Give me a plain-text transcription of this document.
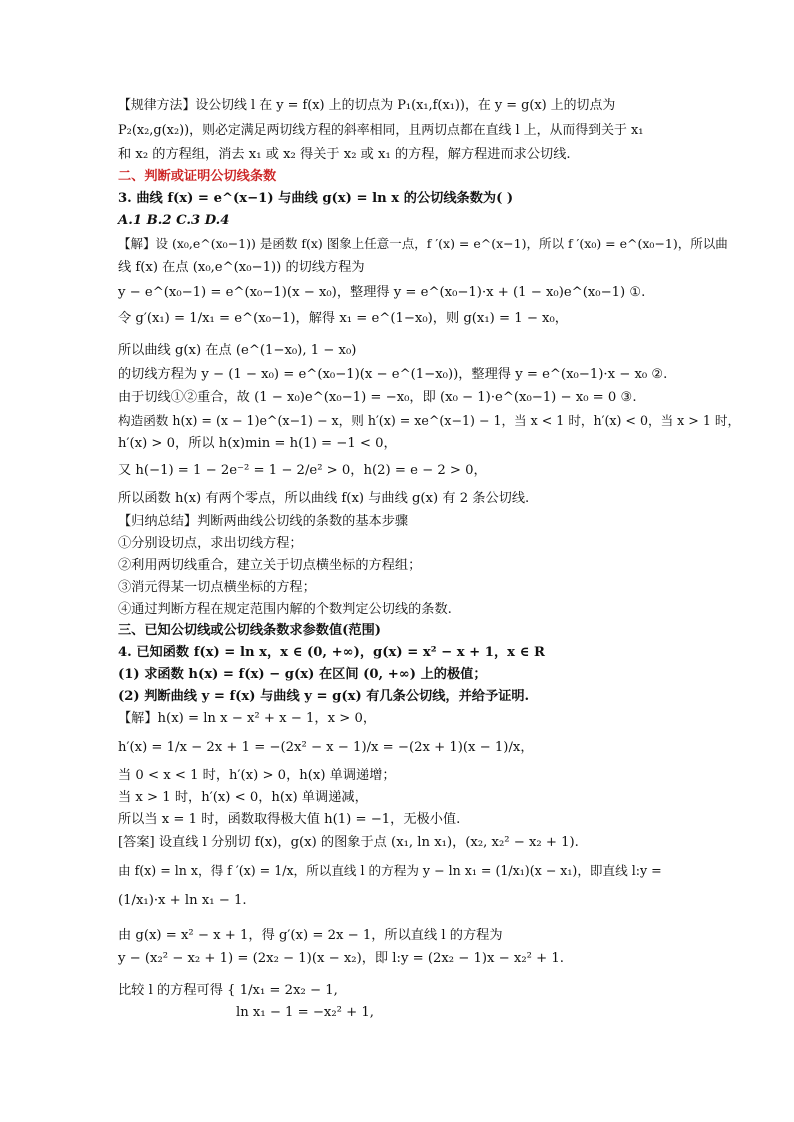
【规律方法】设公切线 l 在 y = f(x) 上的切点为 P₁(x₁,f(x₁))，在 y = g(x) 上的切点为
P₂(x₂,g(x₂))，则必定满足两切线方程的斜率相同，且两切点都在直线 l 上，从而得到关于 x₁
和 x₂ 的方程组，消去 x₁ 或 x₂ 得关于 x₂ 或 x₁ 的方程，解方程进而求公切线.
二、判断或证明公切线条数
3. 曲线 f(x) = e^(x−1) 与曲线 g(x) = ln x 的公切线条数为( )
A.1 B.2 C.3 D.4
【解】设 (x₀,e^(x₀−1)) 是函数 f(x) 图象上任意一点，f ′(x) = e^(x−1)，所以 f ′(x₀) = e^(x₀−1)，所以曲
线 f(x) 在点 (x₀,e^(x₀−1)) 的切线方程为
y − e^(x₀−1) = e^(x₀−1)(x − x₀)，整理得 y = e^(x₀−1)·x + (1 − x₀)e^(x₀−1) ①.
令 g′(x₁) = 1/x₁ = e^(x₀−1)，解得 x₁ = e^(1−x₀)，则 g(x₁) = 1 − x₀，
所以曲线 g(x) 在点 (e^(1−x₀), 1 − x₀)
的切线方程为 y − (1 − x₀) = e^(x₀−1)(x − e^(1−x₀))，整理得 y = e^(x₀−1)·x − x₀ ②.
由于切线①②重合，故 (1 − x₀)e^(x₀−1) = −x₀，即 (x₀ − 1)·e^(x₀−1) − x₀ = 0 ③.
构造函数 h(x) = (x − 1)e^(x−1) − x，则 h′(x) = xe^(x−1) − 1，当 x < 1 时，h′(x) < 0，当 x > 1 时，
h′(x) > 0，所以 h(x)min = h(1) = −1 < 0，
又 h(−1) = 1 − 2e⁻² = 1 − 2/e² > 0，h(2) = e − 2 > 0，
所以函数 h(x) 有两个零点，所以曲线 f(x) 与曲线 g(x) 有 2 条公切线.
【归纳总结】判断两曲线公切线的条数的基本步骤
①分别设切点，求出切线方程；
②利用两切线重合，建立关于切点横坐标的方程组；
③消元得某一切点横坐标的方程；
④通过判断方程在规定范围内解的个数判定公切线的条数.
三、已知公切线或公切线条数求参数值(范围)
4. 已知函数 f(x) = ln x，x ∈ (0, +∞)，g(x) = x² − x + 1，x ∈ R
(1) 求函数 h(x) = f(x) − g(x) 在区间 (0, +∞) 上的极值；
(2) 判断曲线 y = f(x) 与曲线 y = g(x) 有几条公切线，并给予证明.
【解】h(x) = ln x − x² + x − 1，x > 0，
h′(x) = 1/x − 2x + 1 = −(2x² − x − 1)/x = −(2x + 1)(x − 1)/x，
当 0 < x < 1 时，h′(x) > 0，h(x) 单调递增；
当 x > 1 时，h′(x) < 0，h(x) 单调递减，
所以当 x = 1 时，函数取得极大值 h(1) = −1，无极小值.
[答案] 设直线 l 分别切 f(x)，g(x) 的图象于点 (x₁, ln x₁)，(x₂, x₂² − x₂ + 1).
由 f(x) = ln x，得 f ′(x) = 1/x，所以直线 l 的方程为 y − ln x₁ = (1/x₁)(x − x₁)，即直线 l:y =
(1/x₁)·x + ln x₁ − 1.
由 g(x) = x² − x + 1，得 g′(x) = 2x − 1，所以直线 l 的方程为
y − (x₂² − x₂ + 1) = (2x₂ − 1)(x − x₂)，即 l:y = (2x₂ − 1)x − x₂² + 1.
比较 l 的方程可得 { 1/x₁ = 2x₂ − 1,
ln x₁ − 1 = −x₂² + 1,
